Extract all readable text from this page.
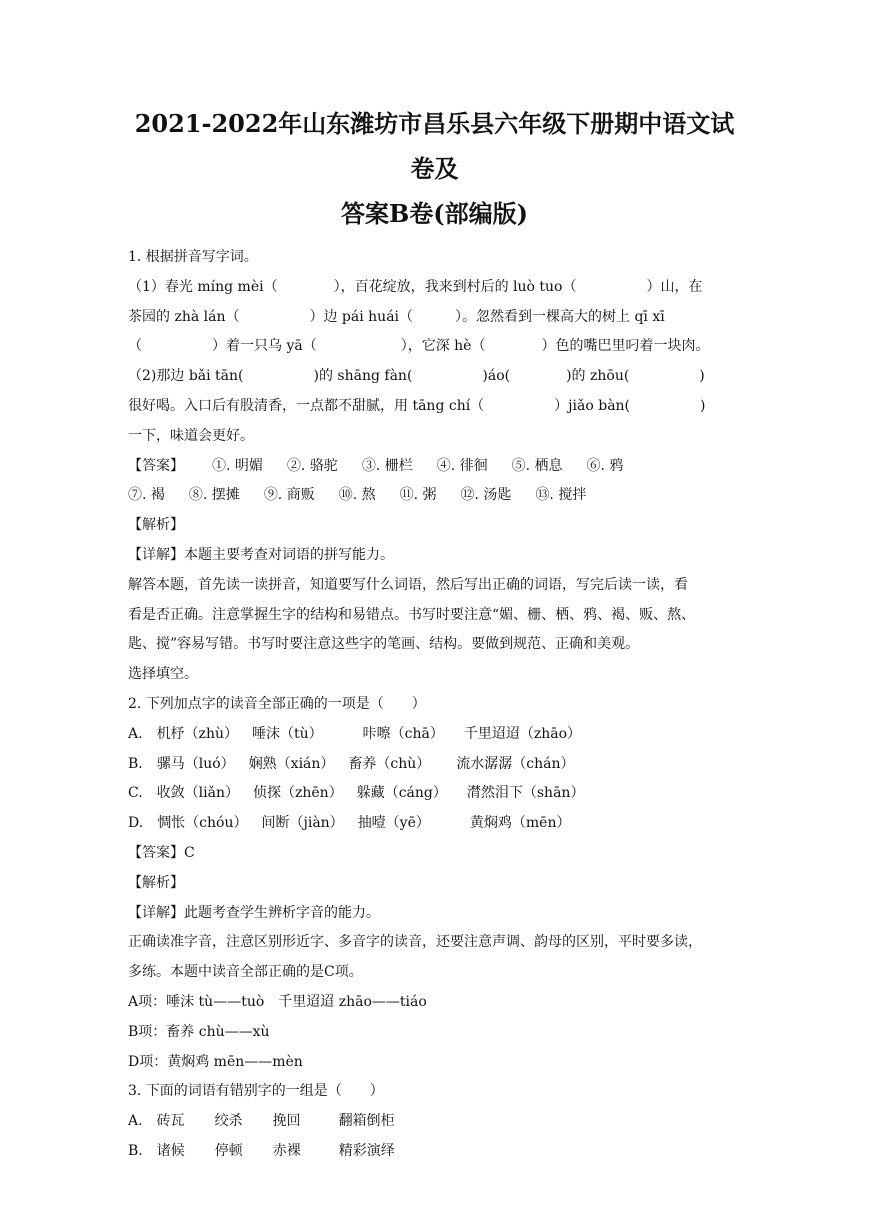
2021-2022年山东潍坊市昌乐县六年级下册期中语文试卷及
答案B卷(部编版)
1. 根据拼音写字词。
（1）春光 míng mèi（　　　　），百花绽放，我来到村后的 luò tuo（　　　　　）山，在
茶园的 zhà lán（　　　　　）边 pái huái（　　　）。忽然看到一棵高大的树上 qī xī
（　　　　　）着一只乌 yā（　　　　　　），它深 hè（　　　　）色的嘴巴里叼着一块肉。
（2)那边 bǎi tān(　　　　　)的 shāng fàn(　　　　　)áo(　　　　)的 zhōu(　　　　　)
很好喝。入口后有股清香，一点都不甜腻，用 tāng chí（　　　　　）jiǎo bàn(　　　　　)
一下，味道会更好。
【答案】 ①. 明媚 ②. 骆驼 ③. 栅栏 ④. 徘徊 ⑤. 栖息 ⑥. 鸦
⑦. 褐 ⑧. 摆摊 ⑨. 商贩 ⑩. 熬 ⑪. 粥 ⑫. 汤匙 ⑬. 搅拌
【解析】
【详解】本题主要考查对词语的拼写能力。
解答本题，首先读一读拼音，知道要写什么词语，然后写出正确的词语，写完后读一读，看
看是否正确。注意掌握生字的结构和易错点。书写时要注意“媚、栅、栖、鸦、褐、贩、熬、
匙、搅”容易写错。书写时要注意这些字的笔画、结构。要做到规范、正确和美观。
选择填空。
2. 下列加点字的读音全部正确的一项是（　　）
A. 机杼（zhù） 唾沫（tù）	咔嚓（chā） 千里迢迢（zhāo）
B. 骡马（luó） 娴熟（xián） 畜养（chù） 流水潺潺（chán）
C. 收敛（liǎn） 侦探（zhēn） 躲藏（cáng） 潸然泪下（shān）
D. 惆怅（chóu） 间断（jiàn） 抽噎（yē）	黄焖鸡（mēn）
【答案】C
【解析】
【详解】此题考查学生辨析字音的能力。
正确读准字音，注意区别形近字、多音字的读音，还要注意声调、韵母的区别，平时要多读，
多练。本题中读音全部正确的是C项。
A项：唾沫 tù——tuò　千里迢迢 zhāo——tiáo
B项：畜养 chù——xù
D项：黄焖鸡 mēn——mèn
3. 下面的词语有错别字的一组是（　　）
A. 砖瓦 绞杀 挽回	翻箱倒柜
B. 诸候 停顿 赤裸	精彩演绎
